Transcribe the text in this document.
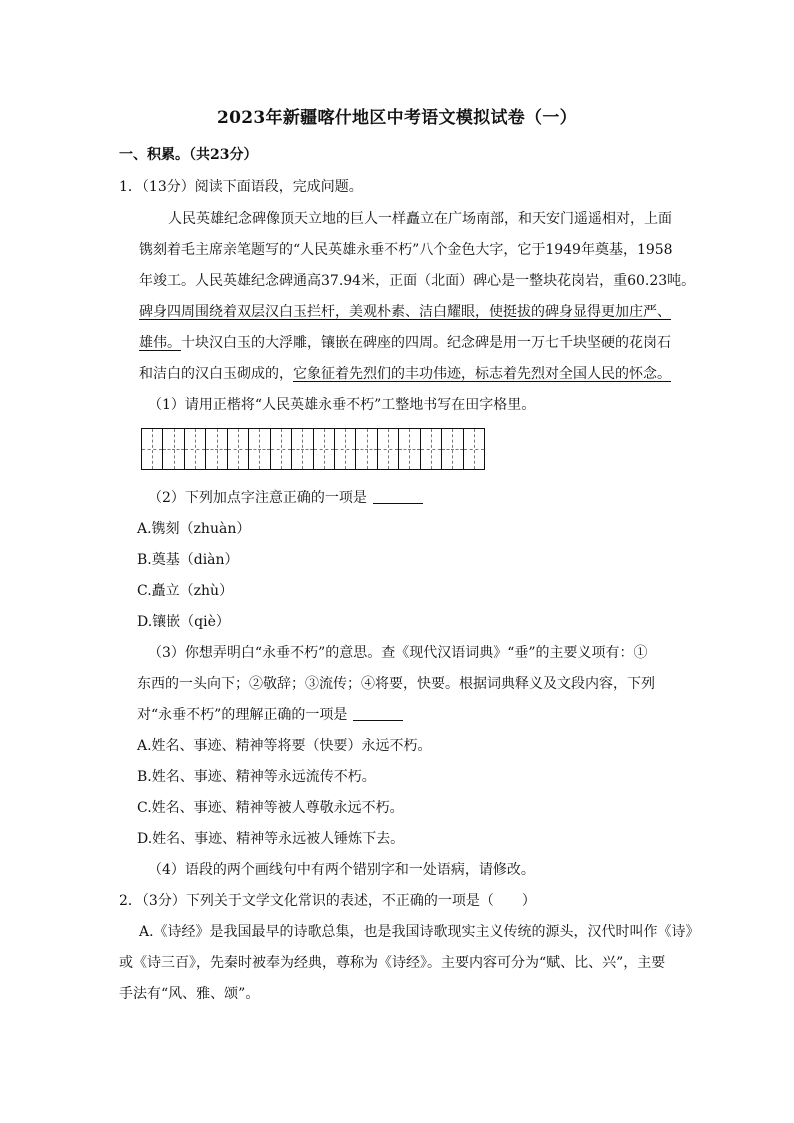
2023年新疆喀什地区中考语文模拟试卷（一）
一、积累。（共23分）
1．（13分）阅读下面语段，完成问题。
人民英雄纪念碑像顶天立地的巨人一样矗立在广场南部，和天安门遥遥相对，上面
镌刻着毛主席亲笔题写的“人民英雄永垂不朽”八个金色大字，它于1949年奠基，1958
年竣工。人民英雄纪念碑通高37.94米，正面（北面）碑心是一整块花岗岩，重60.23吨。
碑身四周围绕着双层汉白玉拦杆，美观朴素、洁白耀眼，使挺拔的碑身显得更加庄严、
雄伟。十块汉白玉的大浮雕，镶嵌在碑座的四周。纪念碑是用一万七千块坚硬的花岗石
和洁白的汉白玉砌成的，它象征着先烈们的丰功伟迹，标志着先烈对全国人民的怀念。
（1）请用正楷将“人民英雄永垂不朽”工整地书写在田字格里。
（2）下列加点字注意正确的一项是
A.镌刻（zhuàn）
B.奠基（diàn）
C.矗立（zhù）
D.镶嵌（qiè）
（3）你想弄明白“永垂不朽”的意思。查《现代汉语词典》“垂”的主要义项有：①
东西的一头向下；②敬辞；③流传；④将要，快要。根据词典释义及文段内容，下列
对“永垂不朽”的理解正确的一项是
A.姓名、事迹、精神等将要（快要）永远不朽。
B.姓名、事迹、精神等永远流传不朽。
C.姓名、事迹、精神等被人尊敬永远不朽。
D.姓名、事迹、精神等永远被人锤炼下去。
（4）语段的两个画线句中有两个错别字和一处语病，请修改。
2．（3分）下列关于文学文化常识的表述，不正确的一项是（　　）
A.《诗经》是我国最早的诗歌总集，也是我国诗歌现实主义传统的源头，汉代时叫作《诗》
或《诗三百》，先秦时被奉为经典，尊称为《诗经》。主要内容可分为“赋、比、兴”，主要
手法有“风、雅、颂”。
